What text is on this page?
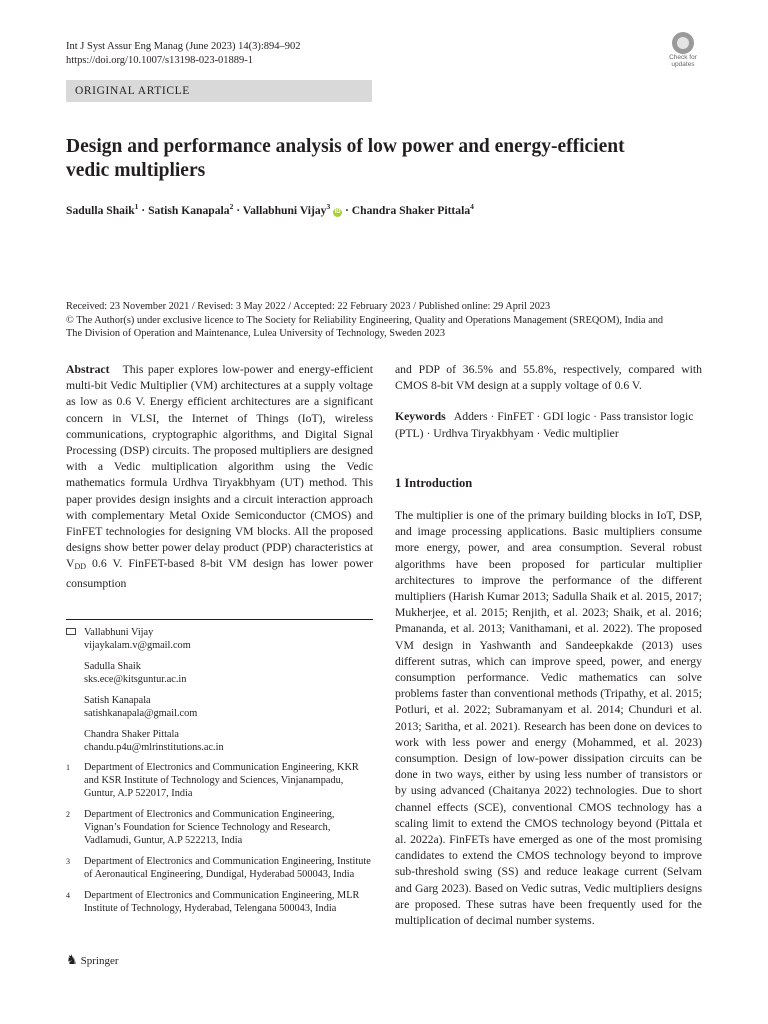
Int J Syst Assur Eng Manag (June 2023) 14(3):894–902
https://doi.org/10.1007/s13198-023-01889-1	Check for
updates
ORIGINAL ARTICLE
Design and performance analysis of low power and energy-efficient vedic multipliers
Sadulla Shaik$^1$ · Satish Kanapala$^2$ · Vallabhuni Vijay$^3$ iD · Chandra Shaker Pittala$^4$
Received: 23 November 2021 / Revised: 3 May 2022 / Accepted: 22 February 2023 / Published online: 29 April 2023
© The Author(s) under exclusive licence to The Society for Reliability Engineering, Quality and Operations Management (SREQOM), India and
The Division of Operation and Maintenance, Lulea University of Technology, Sweden 2023
Abstract This paper explores low-power and energy-efficient multi-bit Vedic Multiplier (VM) architectures at a supply voltage as low as 0.6 V. Energy efficient architectures are a significant concern in VLSI, the Internet of Things (IoT), wireless communications, cryptographic algorithms, and Digital Signal Processing (DSP) circuits. The proposed multipliers are designed with a Vedic multiplication algorithm using the Vedic mathematics formula Urdhva Tiryakbhyam (UT) method. This paper provides design insights and a circuit interaction approach with complementary Metal Oxide Semiconductor (CMOS) and FinFET technologies for designing VM blocks. All the proposed designs show better power delay product (PDP) characteristics at $V_{DD}$ 0.6 V. FinFET-based 8-bit VM design has lower power consumption
and PDP of 36.5% and 55.8%, respectively, compared with CMOS 8-bit VM design at a supply voltage of 0.6 V.
Keywords Adders · FinFET · GDI logic · Pass transistor logic (PTL) · Urdhva Tiryakbhyam · Vedic multiplier
1 Introduction
The multiplier is one of the primary building blocks in IoT, DSP, and image processing applications. Basic multipliers consume more energy, power, and area consumption. Several robust algorithms have been proposed for particular multiplier architectures to improve the performance of the different multipliers (Harish Kumar 2013; Sadulla Shaik et al. 2015, 2017; Mukherjee, et al. 2015; Renjith, et al. 2023; Shaik, et al. 2016; Pmananda, et al. 2013; Vanithamani, et al. 2022). The proposed VM design in Yashwanth and Sandeepkakde (2013) uses different sutras, which can improve speed, power, and energy consumption performance. Vedic mathematics can solve problems faster than conventional methods (Tripathy, et al. 2015; Potluri, et al. 2022; Subramanyam et al. 2014; Chunduri et al. 2013; Saritha, et al. 2021). Research has been done on devices to work with less power and energy (Mohammed, et al. 2023) consumption. Design of low-power dissipation circuits can be done in two ways, either by using less number of transistors or by using advanced (Chaitanya 2022) technologies. Due to short channel effects (SCE), conventional CMOS technology has a scaling limit to extend the CMOS technology beyond (Pittala et al. 2022a). FinFETs have emerged as one of the most promising candidates to extend the CMOS technology beyond to improve sub-threshold swing (SS) and reduce leakage current (Selvam and Garg 2023). Based on Vedic sutras, Vedic multipliers designs are proposed. These sutras have been frequently used for the multiplication of decimal number systems.
Vallabhuni Vijay
vijaykalam.v@gmail.com
Sadulla Shaik
sks.ece@kitsguntur.ac.in
Satish Kanapala
satishkanapala@gmail.com
Chandra Shaker Pittala
chandu.p4u@mlrinstitutions.ac.in
1 Department of Electronics and Communication Engineering, KKR and KSR Institute of Technology and Sciences, Vinjanampadu, Guntur, A.P 522017, India
2 Department of Electronics and Communication Engineering, Vignan’s Foundation for Science Technology and Research, Vadlamudi, Guntur, A.P 522213, India
3 Department of Electronics and Communication Engineering, Institute of Aeronautical Engineering, Dundigal, Hyderabad 500043, India
4 Department of Electronics and Communication Engineering, MLR Institute of Technology, Hyderabad, Telengana 500043, India
♞ Springer
